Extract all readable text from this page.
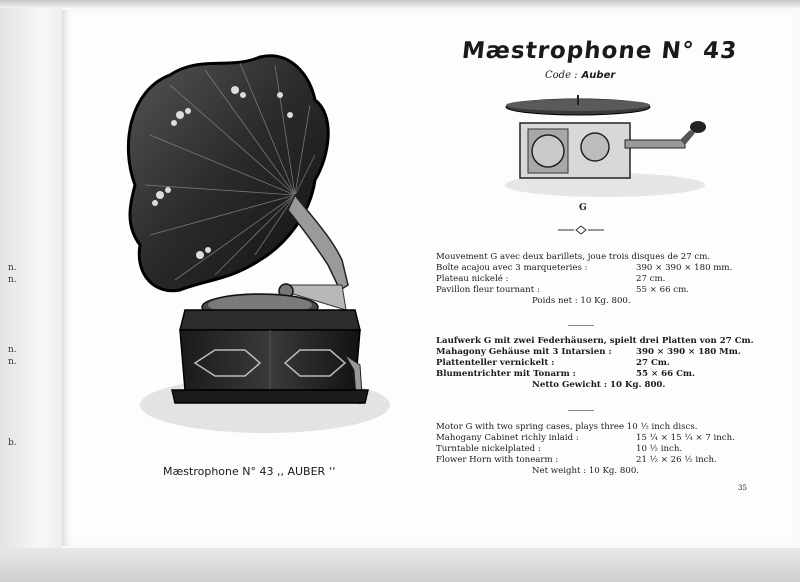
n.
n.
n.
n.
b.
Mæstrophone N° 43
Code : Auber
G
Mouvement G avec deux barillets, joue trois disques de 27 cm.
Boîte acajou avec 3 marqueteries :	390 × 390 × 180 mm.
Plateau nickelé :	27 cm.
Pavillon fleur tournant :	55 × 66 cm.
Poids net : 10 Kg. 800.
Laufwerk G mit zwei Federhäusern, spielt drei Platten von 27 Cm.
Mahagony Gehäuse mit 3 Intarsien :	390 × 390 × 180 Mm.
Plattenteller vernickelt :	27 Cm.
Blumentrichter mit Tonarm :	55 × 66 Cm.
Netto Gewicht : 10 Kg. 800.
Motor G with two spring cases, plays three 10 ½ inch discs.
Mahogany Cabinet richly inlaid :	15 ¼ × 15 ¼ × 7 inch.
Turntable nickelplated :	10 ½ inch.
Flower Horn with tonearm :	21 ½ × 26 ½ inch.
Net weight : 10 Kg. 800.
Mæstrophone N° 43 ,, AUBER ‘‘
35
